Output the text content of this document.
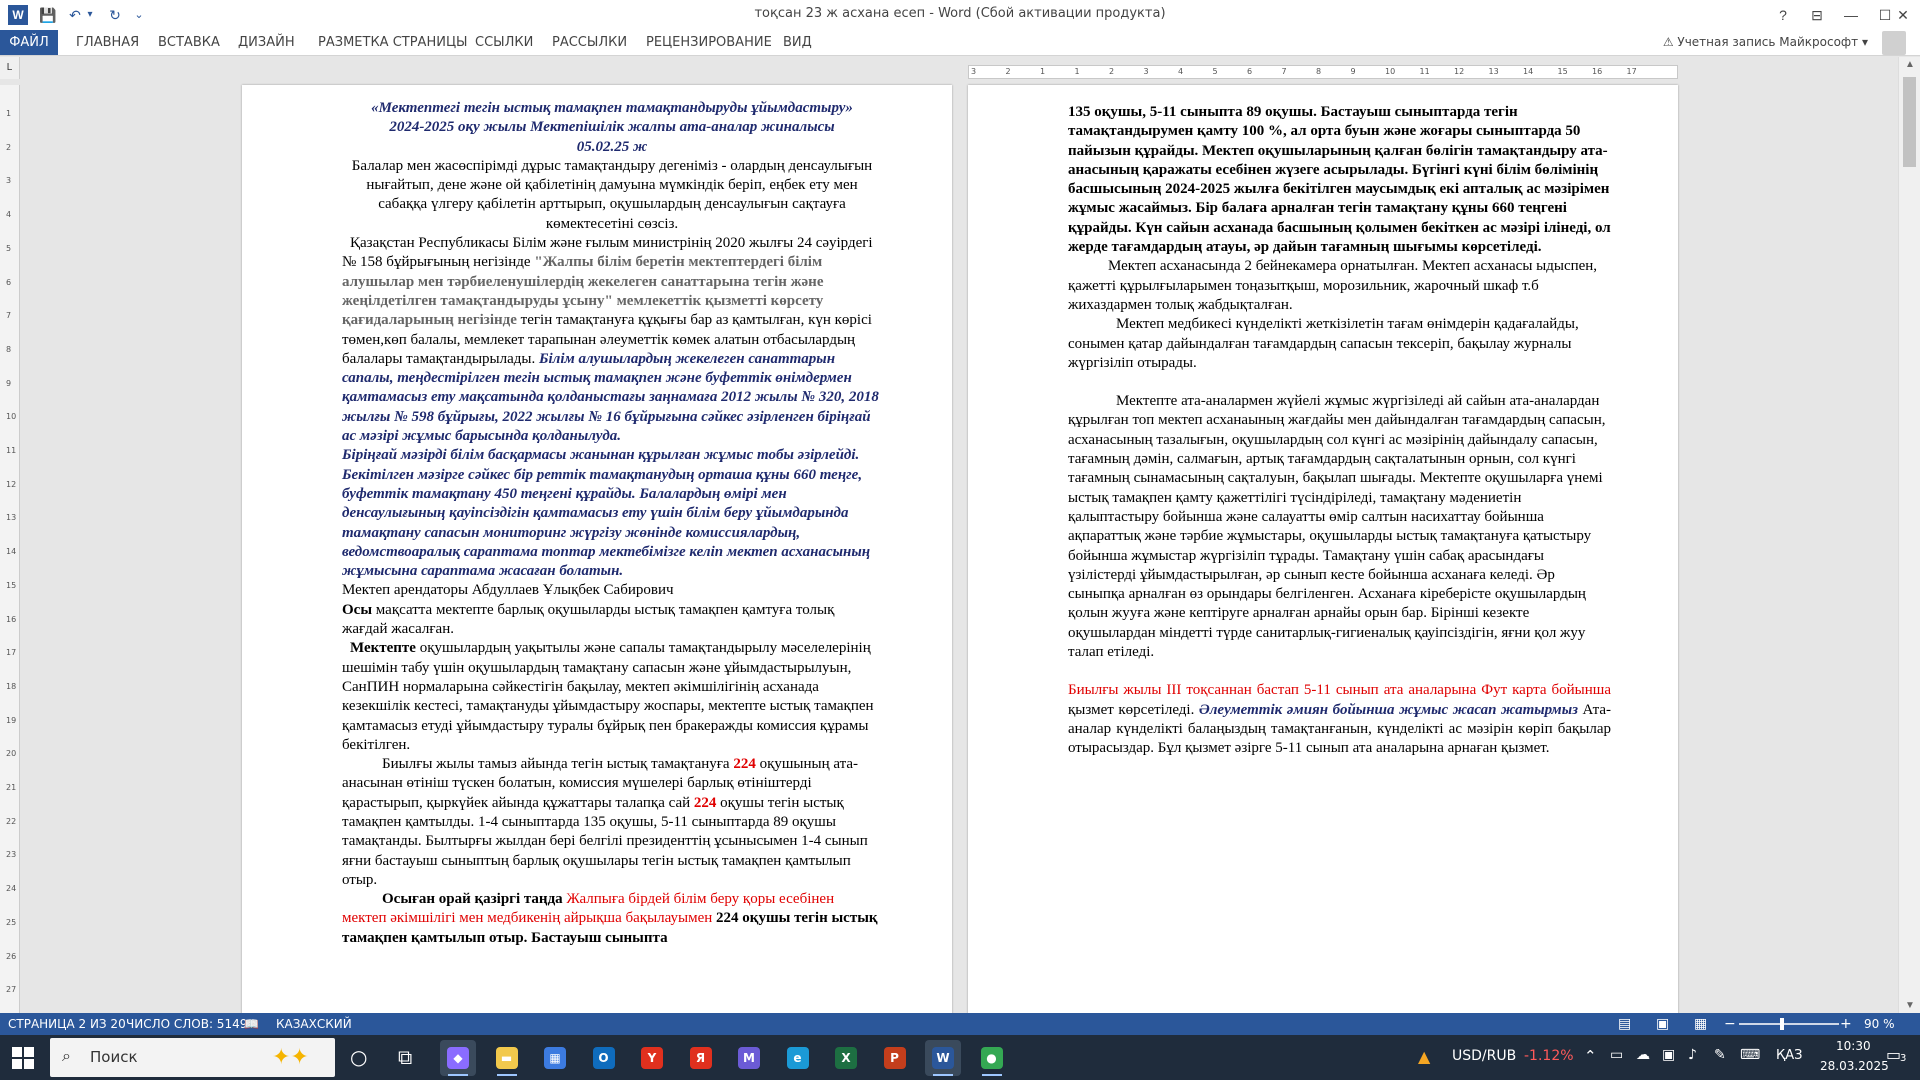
W	💾 ↶ ▾ ↻ ⌄	тоқсан 23 ж асхана есеп - Word (Сбой активации продукта)	?	⊟	—	☐ ✕
ФАЙЛ	ГЛАВНАЯ ВСТАВКА ДИЗАЙН РАЗМЕТКА СТРАНИЦЫ ССЫЛКИ РАССЫЛКИ РЕЦЕНЗИРОВАНИЕ ВИД	⚠ Учетная запись Майкрософт ▾
L	3	2	1	1	2	3	4	5	6	7	8	9	10	11	12	13	14	15	16	17
1
2
3
4
5
6
7
8
9
10
11
12
13
14
15
16
17
18
19
20
21
22
23
24
25
26
27
«Мектептегі тегін ыстық тамақпен тамақтандыруды ұйымдастыру»
2024-2025 оқу жылы Мектепішілік жалпы ата-аналар жиналысы
05.02.25 ж
Балалар мен жасөспірімді дұрыс тамақтандыру дегеніміз - олардың денсаулығын нығайтып, дене және ой қабілетінің дамуына мүмкіндік беріп, еңбек ету мен сабаққа үлгеру қабілетін арттырып, оқушылардың денсаулығын сақтауға көмектесетіні сөзсіз.
Қазақстан Республикасы Білім және ғылым министрінің 2020 жылғы 24 сәуірдегі № 158 бұйрығының негізінде "Жалпы білім беретін мектептердегі білім алушылар мен тәрбиеленушілердің жекелеген санаттарына тегін және жеңілдетілген тамақтандыруды ұсыну" мемлекеттік қызметті көрсету қағидаларының негізінде тегін тамақтануға құқығы бар аз қамтылған, күн көрісі төмен,көп балалы, мемлекет тарапынан әлеуметтік көмек алатын отбасылардың балалары тамақтандырылады. Білім алушылардың жекелеген санаттарын сапалы, теңдестірілген тегін ыстық тамақпен және буфеттік өнімдермен қамтамасыз ету мақсатында қолданыстағы заңнамаға 2012 жылы № 320, 2018 жылғы № 598 бұйрығы, 2022 жылғы № 16 бұйрығына сәйкес әзірленген біріңғай ас мәзірі жұмыс барысында қолданылуда.
Біріңғай мәзірді білім басқармасы жанынан құрылған жұмыс тобы әзірлейді. Бекітілген мәзірге сәйкес бір реттік тамақтанудың орташа құны 660 теңге, буфеттік тамақтану 450 теңгені құрайды. Балалардың өмірі мен денсаулығының қауіпсіздігін қамтамасыз ету үшін білім беру ұйымдарында тамақтану сапасын мониторинг жүргізу жөнінде комиссиялардың, ведомствоаралық сараптама топтар мектебімізге келіп мектеп асханасының жұмысына сараптама жасаған болатын.
Мектеп арендаторы Абдуллаев Ұлықбек Сабирович
Осы мақсатта мектепте барлық оқушыларды ыстық тамақпен қамтуға толық жағдай жасалған.
Мектепте оқушылардың уақытылы және сапалы тамақтандырылу мәселелерінің шешімін табу үшін оқушылардың тамақтану сапасын және ұйымдастырылуын, СанПИН нормаларына сәйкестігін бақылау, мектеп әкімшілігінің асханада кезекшілік кестесі, тамақтануды ұйымдастыру жоспары, мектепте ыстық тамақпен қамтамасыз етуді ұйымдастыру туралы бұйрық пен бракеражды комиссия құрамы бекітілген.
Биылғы жылы тамыз айында тегін ыстық тамақтануға 224 оқушының ата-анасынан өтініш түскен болатын, комиссия мүшелері барлық өтініштерді қарастырып, қыркүйек айында құжаттары талапқа сай 224 оқушы тегін ыстық тамақпен қамтылды. 1-4 сыныптарда 135 оқушы, 5-11 сыныптарда 89 оқушы тамақтанды. Былтырғы жылдан бері белгілі президенттің ұсынысымен 1-4 сынып яғни бастауыш сыныптың барлық оқушылары тегін ыстық тамақпен қамтылып отыр.
Осыған орай қазіргі таңда Жалпыға бірдей білім беру қоры есебінен мектеп әкімшілігі мен медбикенің айрықша бақылауымен 224 оқушы тегін ыстық тамақпен қамтылып отыр. Бастауыш сыныпта
135 оқушы, 5-11 сыныпта 89 оқушы. Бастауыш сыныптарда тегін тамақтандырумен қамту 100 %, ал орта буын және жоғары сыныптарда 50 пайызын құрайды. Мектеп оқушыларының қалған бөлігін тамақтандыру ата-анасының қаражаты есебінен жүзеге асырылады. Бүгінгі күні білім бөлімінің басшысының 2024-2025 жылға бекітілген маусымдық екі апталық ас мәзірімен жұмыс жасаймыз. Бір балаға арналған тегін тамақтану құны 660 теңгені құрайды. Күн сайын асханада басшының қолымен бекіткен ас мәзірі ілінеді, ол жерде тағамдардың атауы, әр дайын тағамның шығымы көрсетіледі.
Мектеп асханасында 2 бейнекамера орнатылған. Мектеп асханасы ыдыспен, қажетті құрылғыларымен тоңазытқыш, морозильник, жарочный шкаф т.б жихаздармен толық жабдықталған.
Мектеп медбикесі күнделікті жеткізілетін тағам өнімдерін қадағалайды, сонымен қатар дайындалған тағамдардың сапасын тексеріп, бақылау журналы жүргізіліп отырады.
Мектепте ата-аналармен жүйелі жұмыс жүргізіледі ай сайын ата-аналардан құрылған топ мектеп асханаының жағдайы мен дайындалған тағамдардың сапасын, асханасының тазалығын, оқушылардың сол күнгі ас мәзірінің дайындалу сапасын, тағамның дәмін, салмағын, артық тағамдардың сақталатынын орнын, сол күнгі тағамның сынамасының сақталуын, бақылап шығады. Мектепте оқушыларға үнемі ыстық тамақпен қамту қажеттілігі түсіндіріледі, тамақтану мәдениетін қалыптастыру бойынша және салауатты өмір салтын насихаттау бойынша ақпараттық және тәрбие жұмыстары, оқушыларды ыстық тамақтануға қатыстыру бойынша жұмыстар жүргізіліп тұрады. Тамақтану үшін сабақ арасындағы үзілістерді ұйымдастырылған, әр сынып кесте бойынша асханаға келеді. Әр сыныпқа арналған өз орындары белгіленген. Асханаға кіреберісте оқушылардың қолын жууға және кептіруге арналған арнайы орын бар. Бірінші кезекте оқушылардан міндетті түрде санитарлық-гигиеналық қауіпсіздігін, яғни қол жуу талап етіледі.
Биылғы жылы ІІІ тоқсаннан бастап 5-11 сынып ата аналарына Фут карта бойынша қызмет көрсетіледі. Әлеуметтік әмиян бойынша жұмыс жасап жатырмыз Ата-аналар күнделікті балаңыздың тамақтанғанын, күнделікті ас мәзірін көріп бақылар отырасыздар. Бұл қызмет әзірге 5-11 сынып ата аналарына арнаған қызмет.
▲
▼
СТРАНИЦА 2 ИЗ 20 ЧИСЛО СЛОВ: 5149
📖 КАЗАХСКИЙ	▤ ▣ ▦ −	+ 90 %
⌕ Поиск	✦✦ ○ ⧉	▲ USD/RUB -1.12% ⌃ ▭ ☁ ▣ ♪ ✎ ⌨ ҚАЗ
10:30
28.03.2025
▭
3
◆	▬	▦	O	Y	Я	M	e	X	P	W	●
